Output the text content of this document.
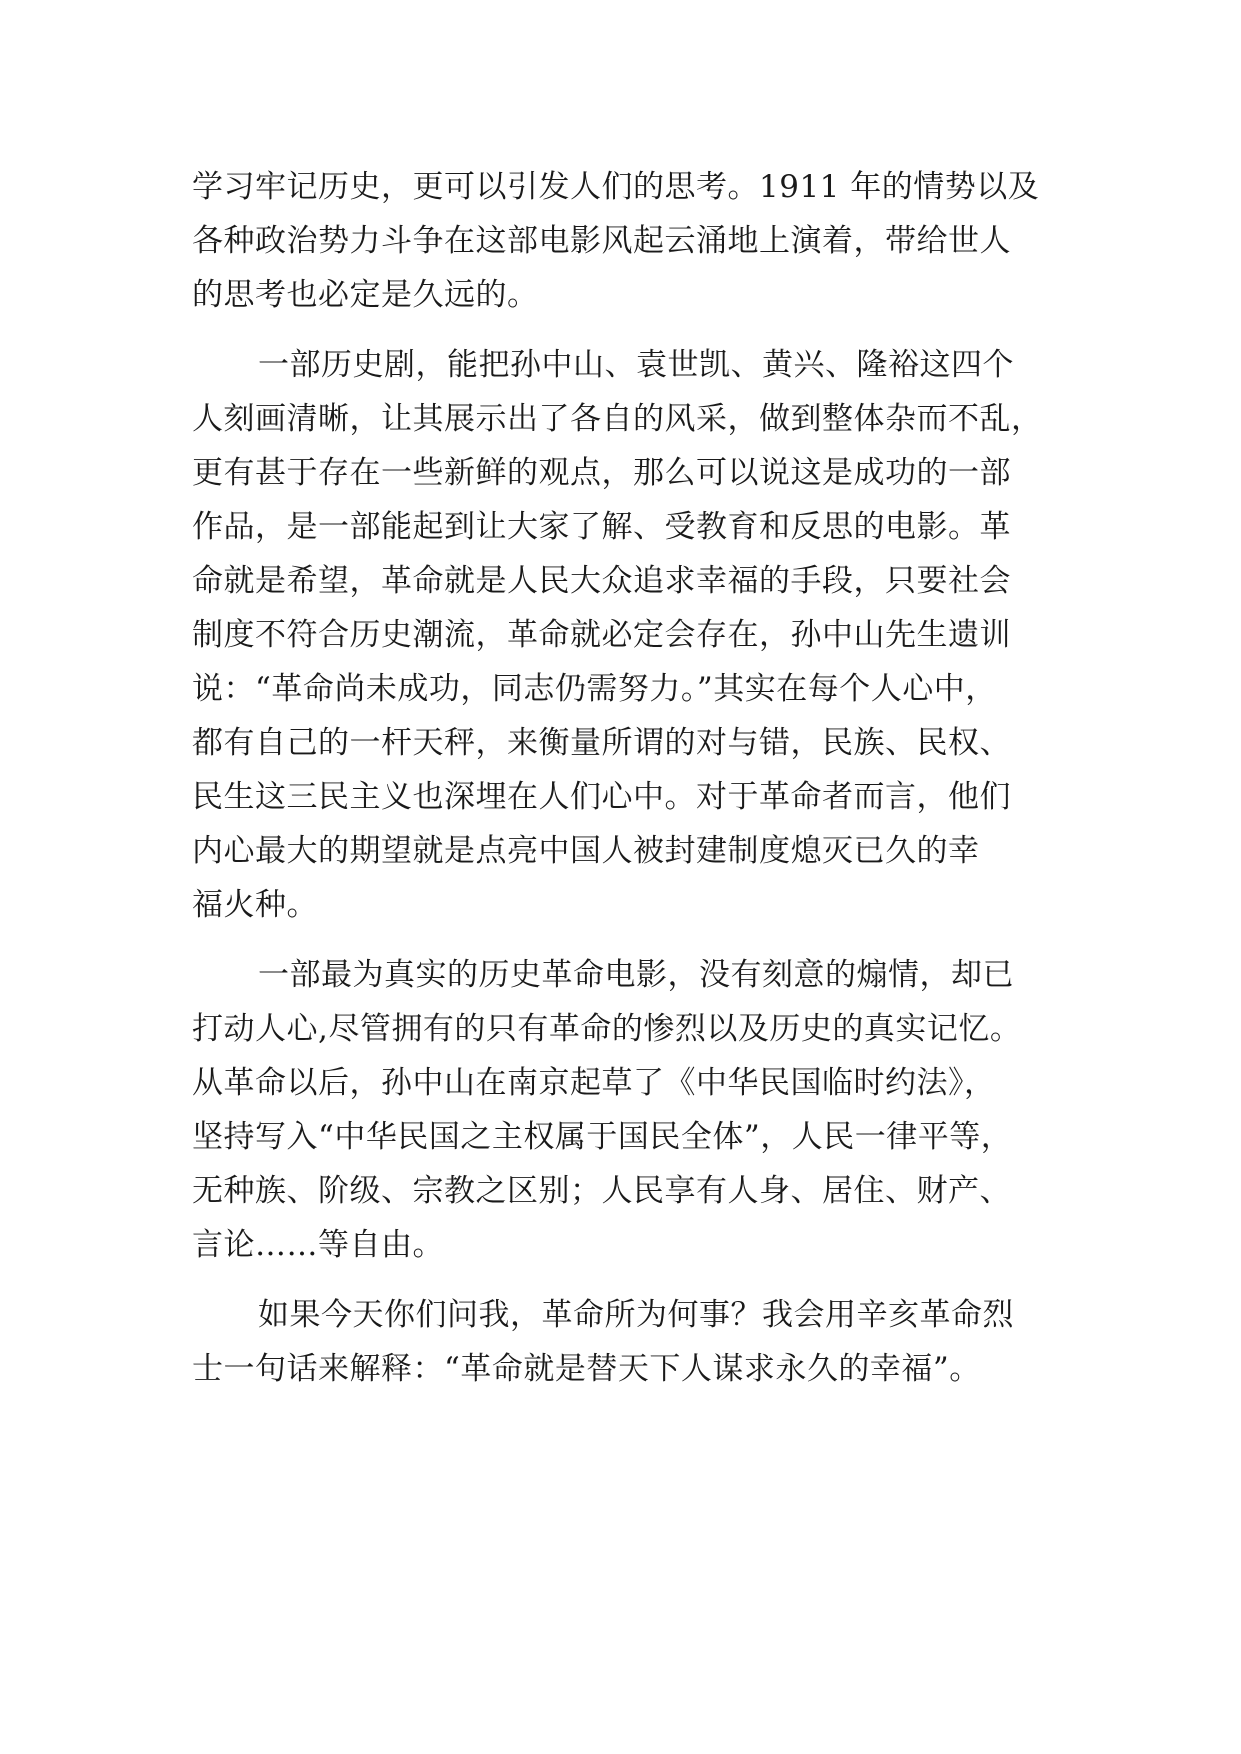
学习牢记历史，更可以引发人们的思考。1911 年的情势以及
各种政治势力斗争在这部电影风起云涌地上演着，带给世人
的思考也必定是久远的。
一部历史剧，能把孙中山、袁世凯、黄兴、隆裕这四个
人刻画清晰，让其展示出了各自的风采，做到整体杂而不乱，
更有甚于存在一些新鲜的观点，那么可以说这是成功的一部
作品，是一部能起到让大家了解、受教育和反思的电影。革
命就是希望，革命就是人民大众追求幸福的手段，只要社会
制度不符合历史潮流，革命就必定会存在，孙中山先生遗训
说：“革命尚未成功，同志仍需努力。”其实在每个人心中，
都有自己的一杆天秤，来衡量所谓的对与错，民族、民权、
民生这三民主义也深埋在人们心中。对于革命者而言，他们
内心最大的期望就是点亮中国人被封建制度熄灭已久的幸
福火种。
一部最为真实的历史革命电影，没有刻意的煽情，却已
打动人心,尽管拥有的只有革命的惨烈以及历史的真实记忆。
从革命以后，孙中山在南京起草了《中华民国临时约法》，
坚持写入“中华民国之主权属于国民全体”，人民一律平等，
无种族、阶级、宗教之区别；人民享有人身、居住、财产、
言论……等自由。
如果今天你们问我，革命所为何事？我会用辛亥革命烈
士一句话来解释：“革命就是替天下人谋求永久的幸福”。
